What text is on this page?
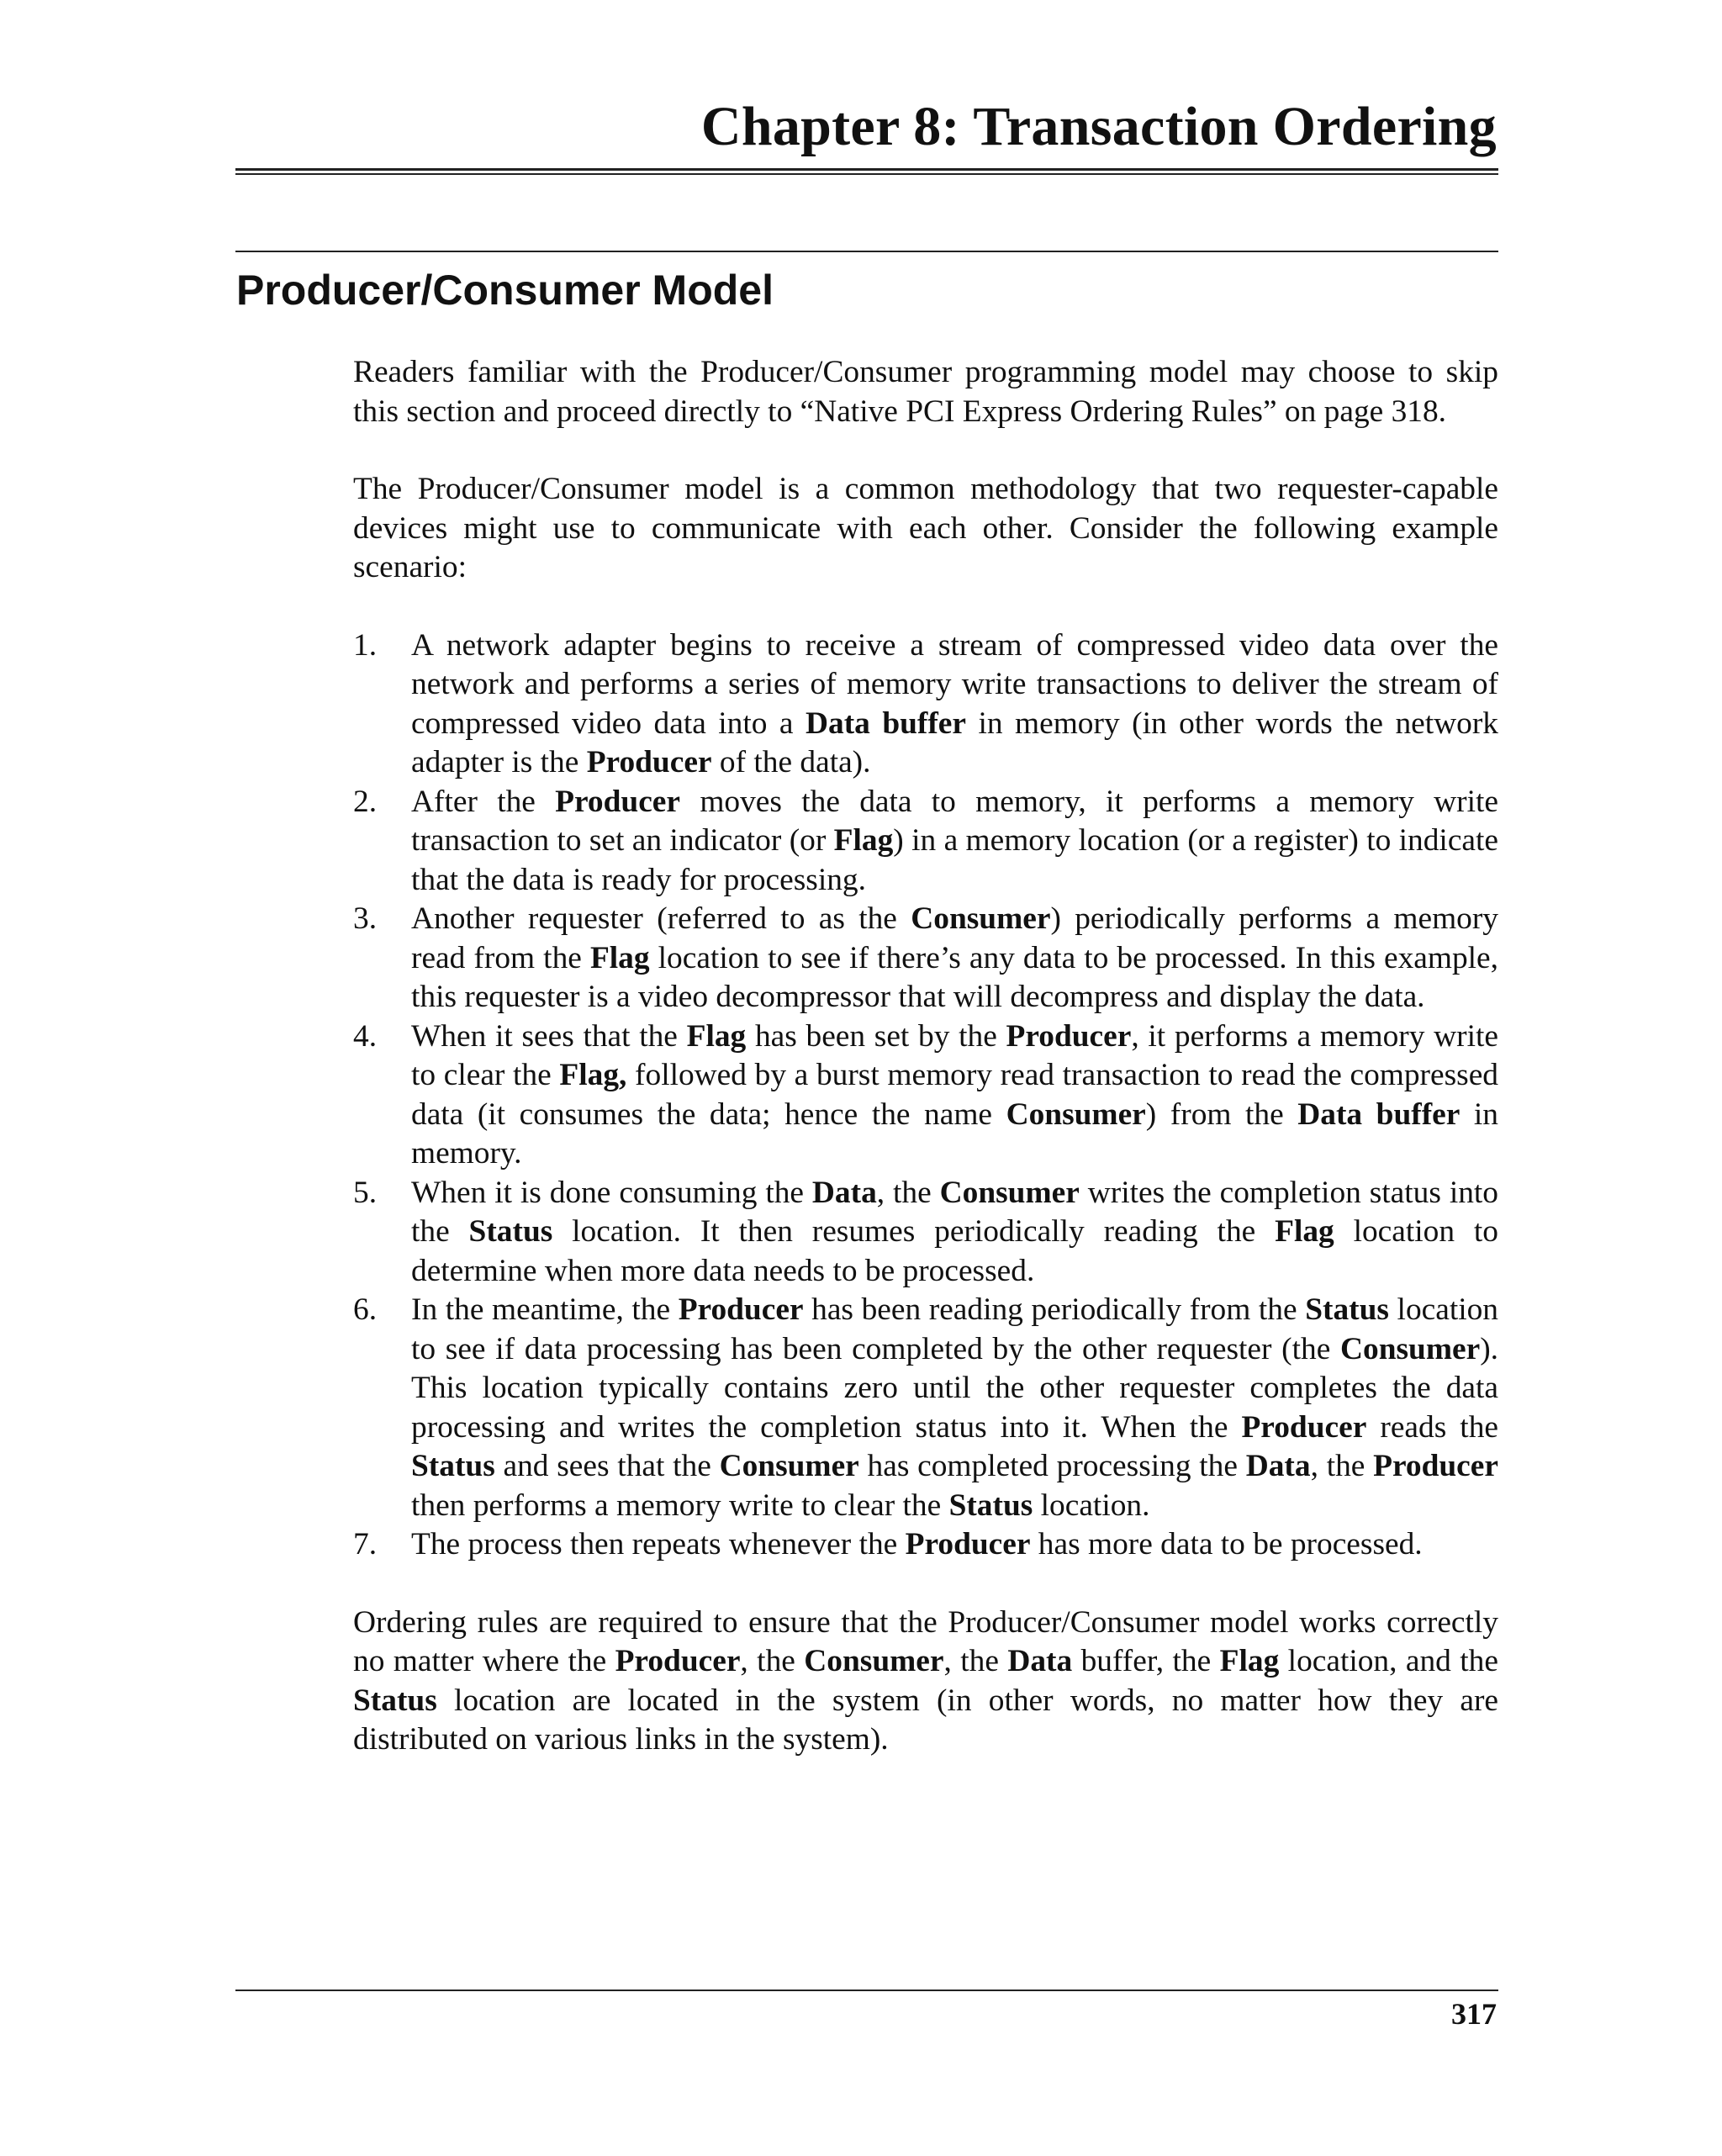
Chapter 8: Transaction Ordering
Producer/Consumer Model

Readers familiar with the Producer/Consumer programming model may choose to skip this section and proceed directly to “Native PCI Express Ordering Rules” on page 318.

The Producer/Consumer model is a common methodology that two requester-capable devices might use to communicate with each other. Consider the following example scenario:

1. A network adapter begins to receive a stream of compressed video data over the network and performs a series of memory write transactions to deliver the stream of compressed video data into a Data buffer in memory (in other words the network adapter is the Producer of the data).
2. After the Producer moves the data to memory, it performs a memory write transaction to set an indicator (or Flag) in a memory location (or a register) to indicate that the data is ready for processing.
3. Another requester (referred to as the Consumer) periodically performs a memory read from the Flag location to see if there’s any data to be processed. In this example, this requester is a video decompressor that will decompress and display the data.
4. When it sees that the Flag has been set by the Producer, it performs a memory write to clear the Flag, followed by a burst memory read transaction to read the compressed data (it consumes the data; hence the name Consumer) from the Data buffer in memory.
5. When it is done consuming the Data, the Consumer writes the completion status into the Status location. It then resumes periodically reading the Flag location to determine when more data needs to be processed.
6. In the meantime, the Producer has been reading periodically from the Status location to see if data processing has been completed by the other requester (the Consumer). This location typically contains zero until the other requester completes the data processing and writes the completion status into it. When the Producer reads the Status and sees that the Consumer has completed processing the Data, the Producer then performs a memory write to clear the Status location.
7. The process then repeats whenever the Producer has more data to be processed.

Ordering rules are required to ensure that the Producer/Consumer model works correctly no matter where the Producer, the Consumer, the Data buffer, the Flag location, and the Status location are located in the system (in other words, no matter how they are distributed on various links in the system).

317
